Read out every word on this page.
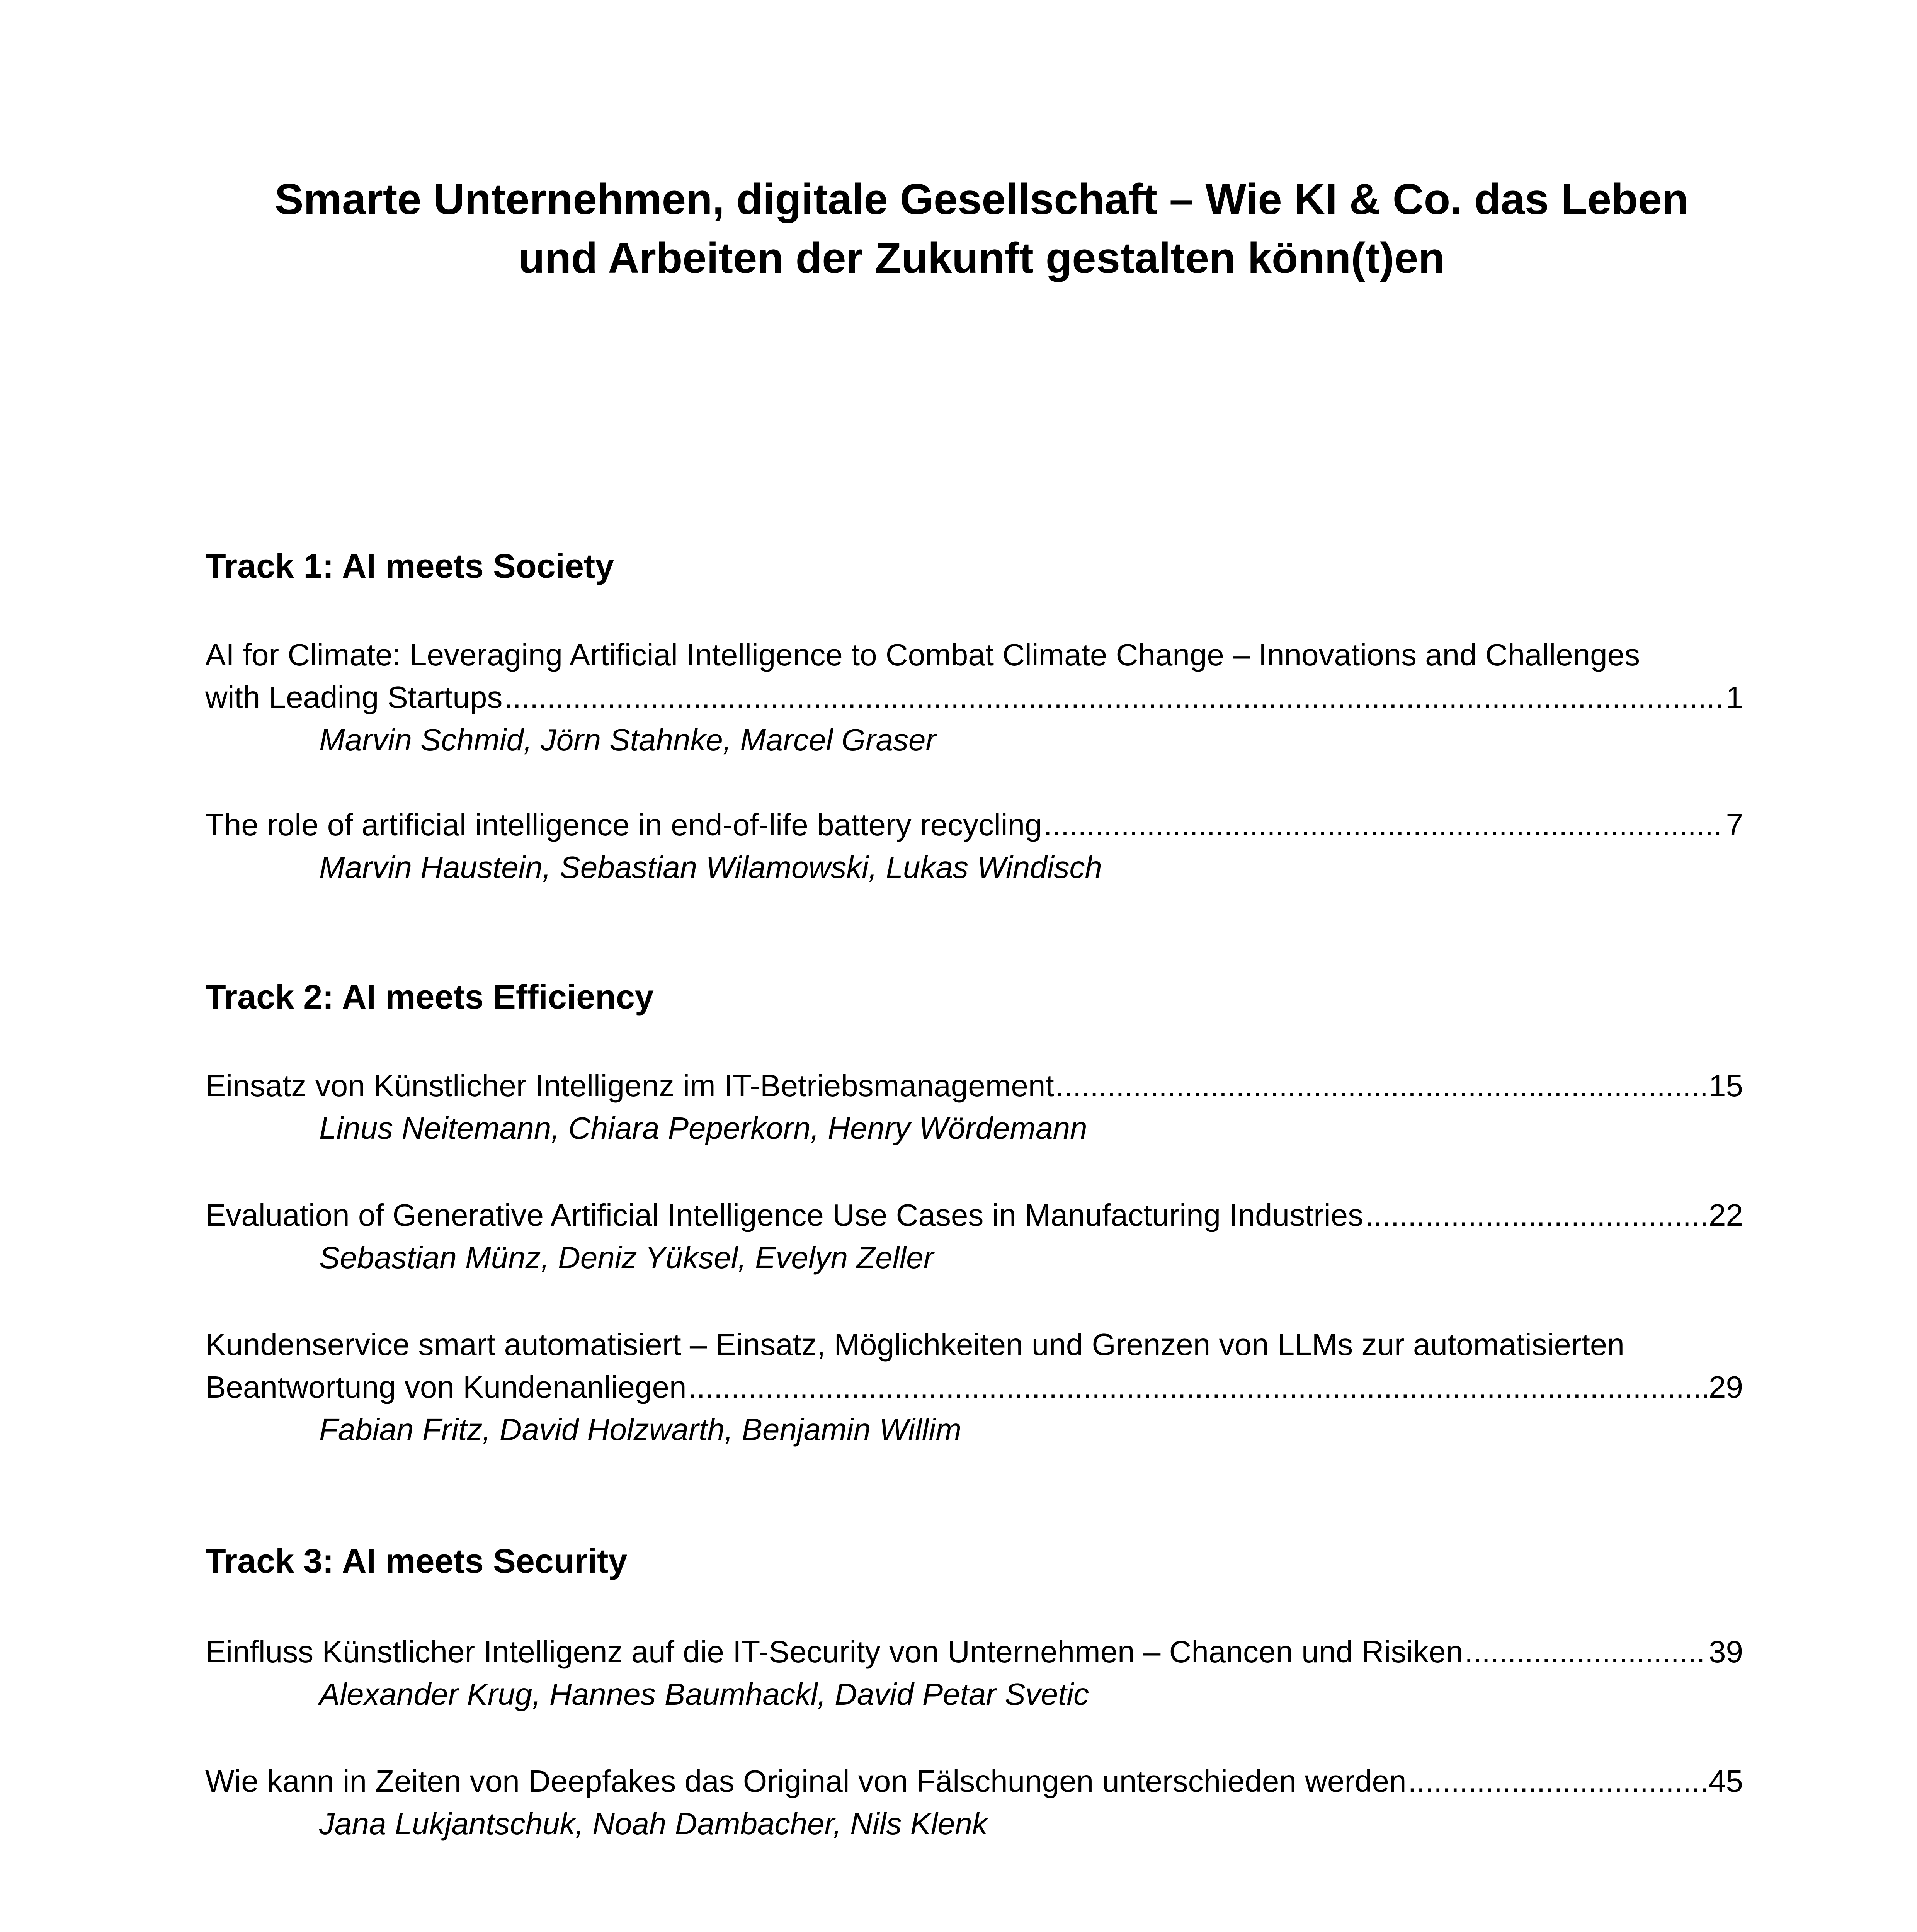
Smarte Unternehmen, digitale Gesellschaft – Wie KI & Co. das Leben
und Arbeiten der Zukunft gestalten könn(t)en

Track 1: AI meets Society

AI for Climate: Leveraging Artificial Intelligence to Combat Climate Change – Innovations and Challenges
with Leading Startups .....	1
Marvin Schmid, Jörn Stahnke, Marcel Graser
The role of artificial intelligence in end-of-life battery recycling .....	7
Marvin Haustein, Sebastian Wilamowski, Lukas Windisch

Track 2: AI meets Efficiency

Einsatz von Künstlicher Intelligenz im IT-Betriebsmanagement .....	15
Linus Neitemann, Chiara Peperkorn, Henry Wördemann
Evaluation of Generative Artificial Intelligence Use Cases in Manufacturing Industries .....	22
Sebastian Münz, Deniz Yüksel, Evelyn Zeller
Kundenservice smart automatisiert – Einsatz, Möglichkeiten und Grenzen von LLMs zur automatisierten
Beantwortung von Kundenanliegen .....	29
Fabian Fritz, David Holzwarth, Benjamin Willim

Track 3: AI meets Security

Einfluss Künstlicher Intelligenz auf die IT-Security von Unternehmen – Chancen und Risiken .....	39
Alexander Krug, Hannes Baumhackl, David Petar Svetic
Wie kann in Zeiten von Deepfakes das Original von Fälschungen unterschieden werden .....	45
Jana Lukjantschuk, Noah Dambacher, Nils Klenk
